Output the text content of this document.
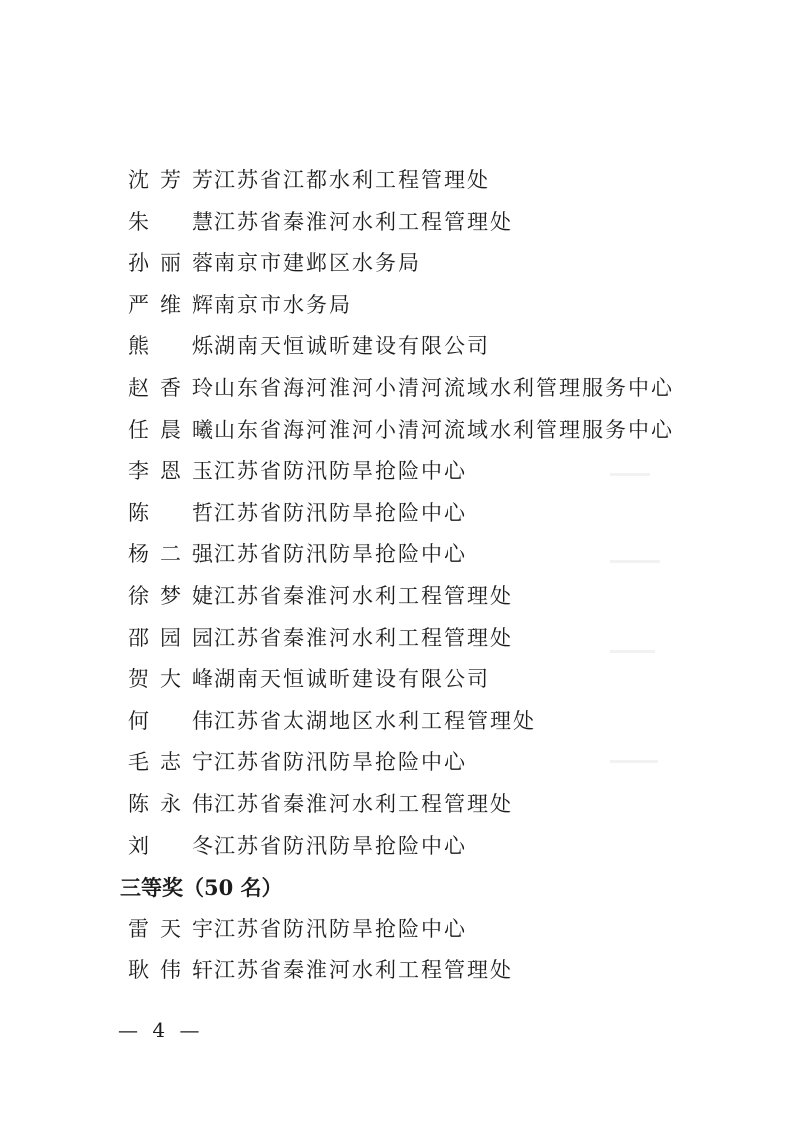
沈芳芳江苏省江都水利工程管理处
朱 慧江苏省秦淮河水利工程管理处
孙丽蓉南京市建邺区水务局
严维辉南京市水务局
熊 烁湖南天恒诚昕建设有限公司
赵香玲山东省海河淮河小清河流域水利管理服务中心
任晨曦山东省海河淮河小清河流域水利管理服务中心
李恩玉江苏省防汛防旱抢险中心
陈 哲江苏省防汛防旱抢险中心
杨二强江苏省防汛防旱抢险中心
徐梦婕江苏省秦淮河水利工程管理处
邵园园江苏省秦淮河水利工程管理处
贺大峰湖南天恒诚昕建设有限公司
何 伟江苏省太湖地区水利工程管理处
毛志宁江苏省防汛防旱抢险中心
陈永伟江苏省秦淮河水利工程管理处
刘 冬江苏省防汛防旱抢险中心
三等奖（50 名）
雷天宇江苏省防汛防旱抢险中心
耿伟轩江苏省秦淮河水利工程管理处
— 4 —
